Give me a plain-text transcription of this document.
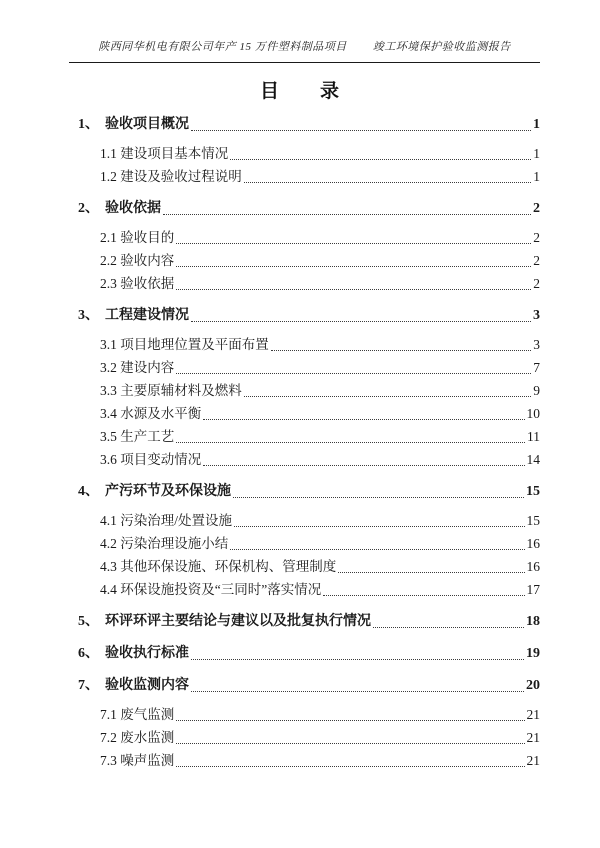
陕西同华机电有限公司年产 15 万件塑料制品项目 竣工环境保护验收监测报告
目　　录
1、 验收项目概况	1
1.1 建设项目基本情况	1
1.2 建设及验收过程说明	1
2、 验收依据	2
2.1 验收目的	2
2.2 验收内容	2
2.3 验收依据	2
3、 工程建设情况	3
3.1 项目地理位置及平面布置	3
3.2 建设内容	7
3.3 主要原辅材料及燃料	9
3.4 水源及水平衡	10
3.5 生产工艺	11
3.6 项目变动情况	14
4、 产污环节及环保设施	15
4.1 污染治理/处置设施	15
4.2 污染治理设施小结	16
4.3 其他环保设施、环保机构、管理制度	16
4.4 环保设施投资及“三同时”落实情况	17
5、 环评环评主要结论与建议以及批复执行情况	18
6、 验收执行标准	19
7、 验收监测内容	20
7.1 废气监测	21
7.2 废水监测	21
7.3 噪声监测	21
